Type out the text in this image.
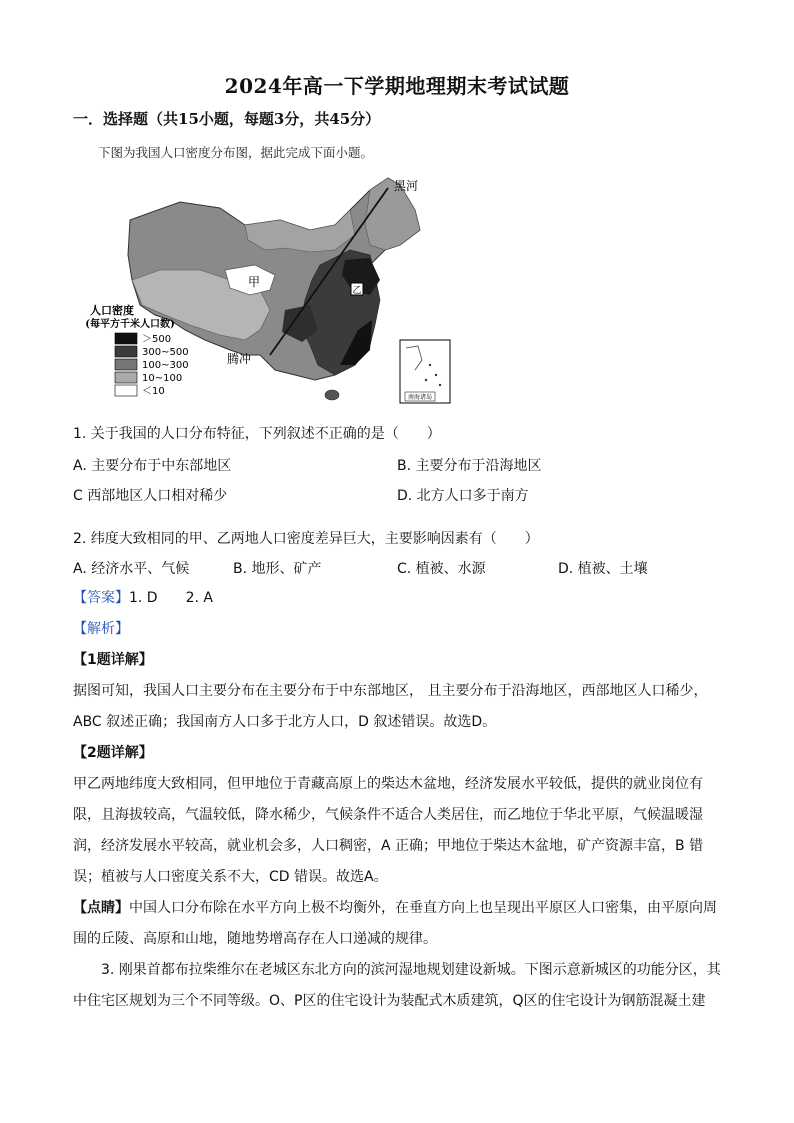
2024年高一下学期地理期末考试试题
一．选择题（共15小题，每题3分，共45分）
下图为我国人口密度分布图，据此完成下面小题。
乙
甲
黑河
腾冲
人口密度
(每平方千米人口数)
＞500
300~500
100~300
10~100
＜10
南海诸岛
1. 关于我国的人口分布特征，下列叙述不正确的是（　　）
A. 主要分布于中东部地区	B. 主要分布于沿海地区
C 西部地区人口相对稀少	D. 北方人口多于南方
2. 纬度大致相同的甲、乙两地人口密度差异巨大，主要影响因素有（　　）
A. 经济水平、气候	B. 地形、矿产	C. 植被、水源	D. 植被、土壤
【答案】1. D　　2. A
【解析】
【1题详解】
据图可知，我国人口主要分布在主要分布于中东部地区， 且主要分布于沿海地区，西部地区人口稀少，ABC 叙述正确；我国南方人口多于北方人口，D 叙述错误。故选D。
【2题详解】
甲乙两地纬度大致相同，但甲地位于青藏高原上的柴达木盆地，经济发展水平较低，提供的就业岗位有限，且海拔较高，气温较低，降水稀少，气候条件不适合人类居住，而乙地位于华北平原，气候温暖湿润，经济发展水平较高，就业机会多，人口稠密，A 正确；甲地位于柴达木盆地，矿产资源丰富，B 错误；植被与人口密度关系不大，CD 错误。故选A。
【点睛】中国人口分布除在水平方向上极不均衡外，在垂直方向上也呈现出平原区人口密集，由平原向周围的丘陵、高原和山地，随地势增高存在人口递减的规律。
3. 刚果首都布拉柴维尔在老城区东北方向的滨河湿地规划建设新城。下图示意新城区的功能分区，其中住宅区规划为三个不同等级。O、P区的住宅设计为装配式木质建筑，Q区的住宅设计为钢筋混凝土建
